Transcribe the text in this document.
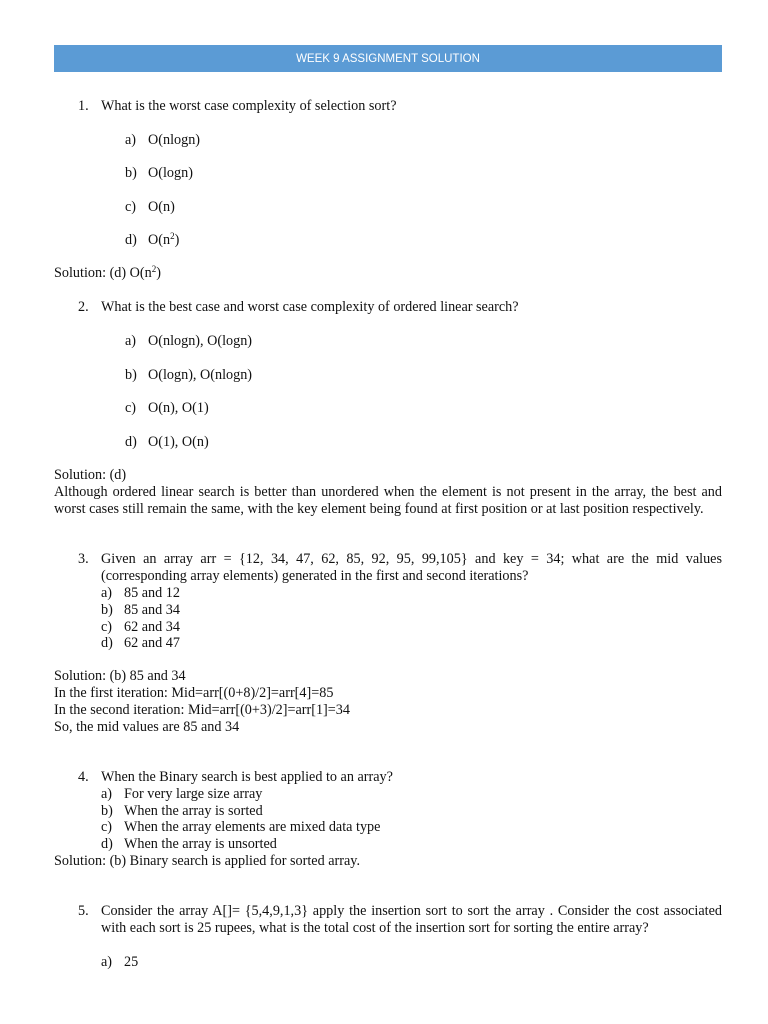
WEEK 9 ASSIGNMENT SOLUTION
1. What is the worst case complexity of selection sort?
a) O(nlogn)
b) O(logn)
c) O(n)
d) $O(n^2)$
Solution: (d) $O(n^2)$
2. What is the best case and worst case complexity of ordered linear search?
a) O(nlogn), O(logn)
b) O(logn), O(nlogn)
c) O(n), O(1)
d) O(1), O(n)
Solution: (d)
Although ordered linear search is better than unordered when the element is not present in the array, the best and worst cases still remain the same, with the key element being found at first position or at last position respectively.
3. Given an array arr = {12, 34, 47, 62, 85, 92, 95, 99,105} and key = 34; what are the mid values (corresponding array elements) generated in the first and second iterations?
a) 85 and 12
b) 85 and 34
c) 62 and 34
d) 62 and 47
Solution: (b) 85 and 34
In the first iteration: Mid=arr[(0+8)/2]=arr[4]=85
In the second iteration: Mid=arr[(0+3)/2]=arr[1]=34
So, the mid values are 85 and 34
4. When the Binary search is best applied to an array?
a) For very large size array
b) When the array is sorted
c) When the array elements are mixed data type
d) When the array is unsorted
Solution: (b) Binary search is applied for sorted array.
5. Consider the array A[]= {5,4,9,1,3} apply the insertion sort to sort the array . Consider the cost associated with each sort is 25 rupees, what is the total cost of the insertion sort for sorting the entire array?
a) 25
